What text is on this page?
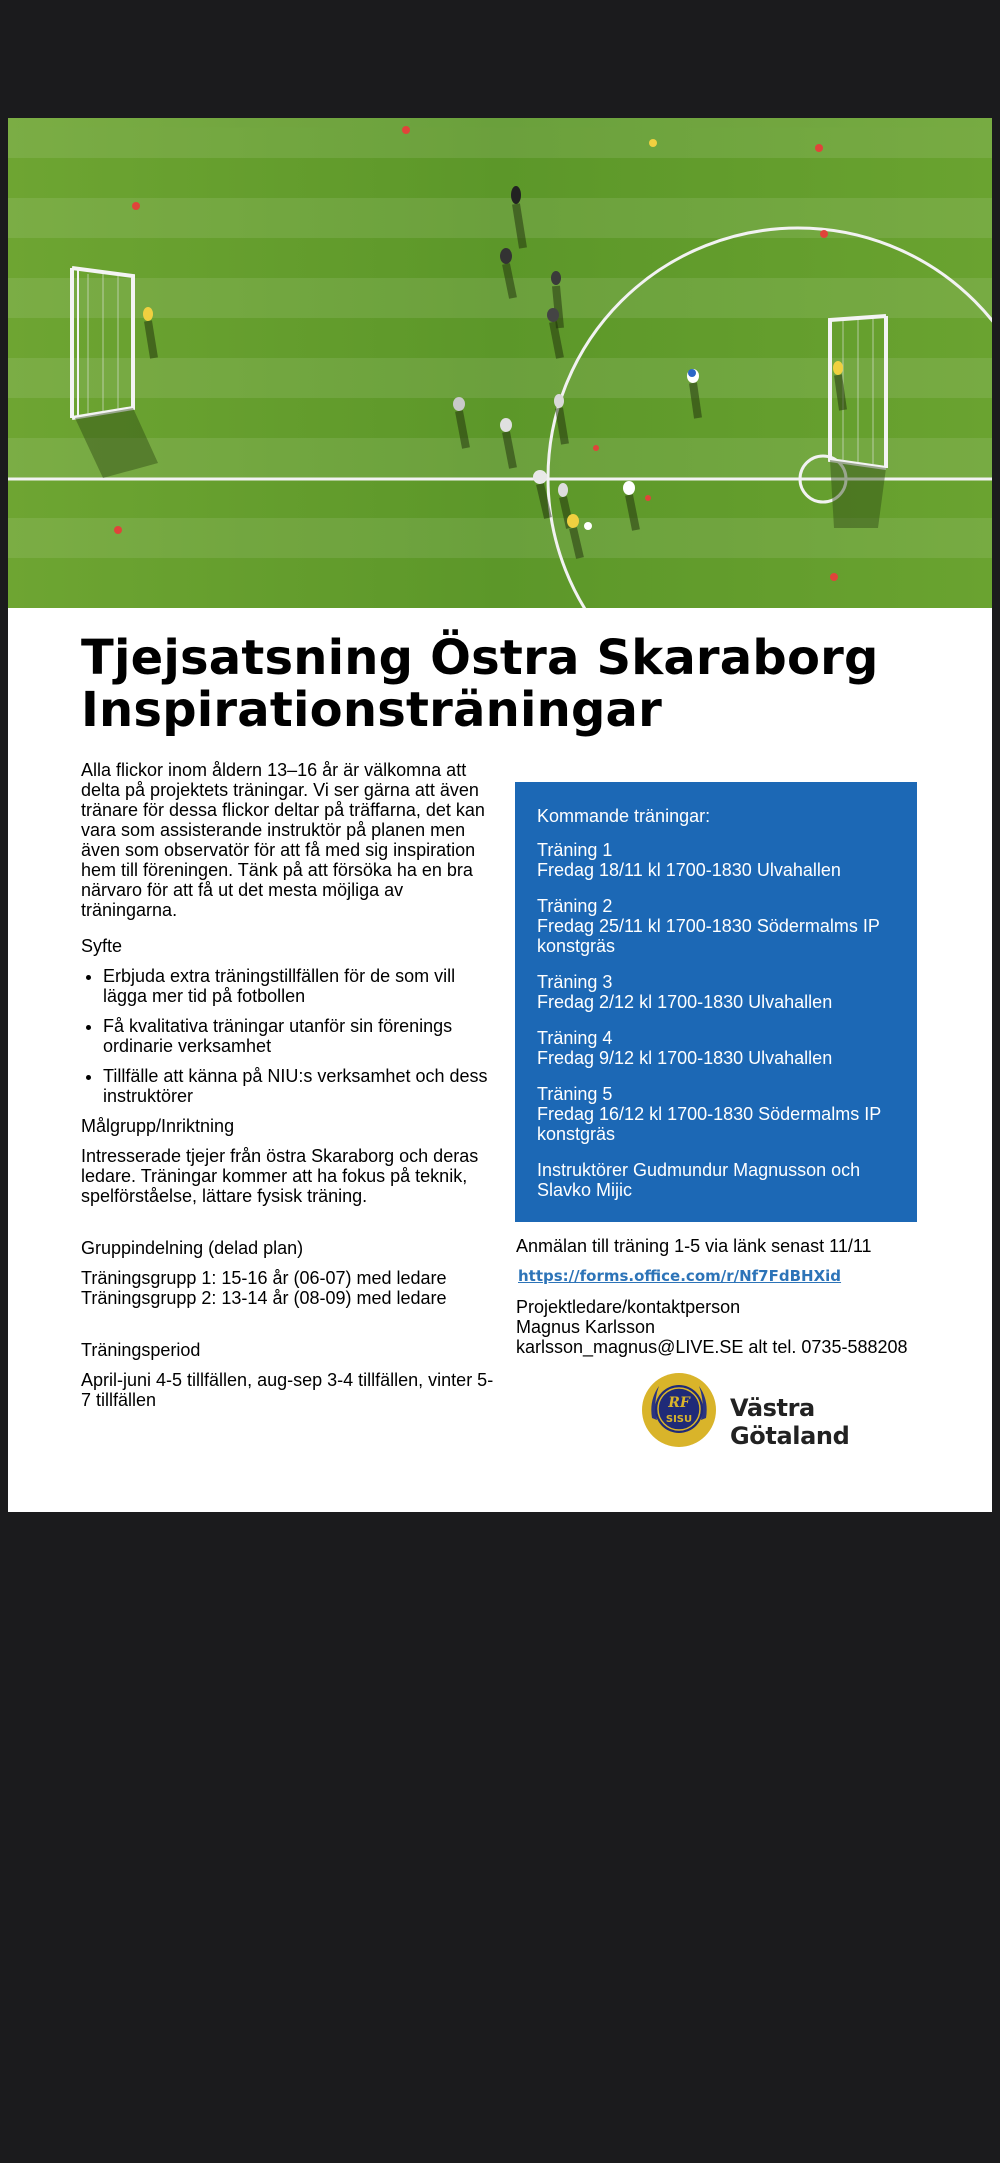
Tjejsatsning Östra Skaraborg
Inspirationsträningar

Alla flickor inom åldern 13–16 år är välkomna att delta på projektets träningar. Vi ser gärna att även tränare för dessa flickor deltar på träffarna, det kan vara som assisterande instruktör på planen men även som observatör för att få med sig inspiration hem till föreningen. Tänk på att försöka ha en bra närvaro för att få ut det mesta möjliga av träningarna.

Syfte

• Erbjuda extra träningstillfällen för de som vill lägga mer tid på fotbollen
• Få kvalitativa träningar utanför sin förenings ordinarie verksamhet
• Tillfälle att känna på NIU:s verksamhet och dess instruktörer

Målgrupp/Inriktning

Intresserade tjejer från östra Skaraborg och deras ledare. Träningar kommer att ha fokus på teknik, spelförståelse, lättare fysisk träning.

Gruppindelning (delad plan)

Träningsgrupp 1: 15-16 år (06-07) med ledare

Träningsgrupp 2: 13-14 år (08-09) med ledare

Träningsperiod

April-juni 4-5 tillfällen, aug-sep 3-4 tillfällen, vinter 5-7 tillfällen

Kommande träningar:

Träning 1

Fredag 18/11 kl 1700-1830 Ulvahallen

Träning 2

Fredag 25/11 kl 1700-1830 Södermalms IP konstgräs

Träning 3

Fredag 2/12 kl 1700-1830 Ulvahallen

Träning 4

Fredag 9/12 kl 1700-1830 Ulvahallen

Träning 5

Fredag 16/12 kl 1700-1830 Södermalms IP konstgräs

Instruktörer Gudmundur Magnusson och Slavko Mijic

Anmälan till träning 1-5 via länk senast 11/11
https://forms.office.com/r/Nf7FdBHXid

Projektledare/kontaktperson

Magnus Karlsson

karlsson_magnus@LIVE.SE alt tel. 0735-588208

RF
SISU Västra Götaland
